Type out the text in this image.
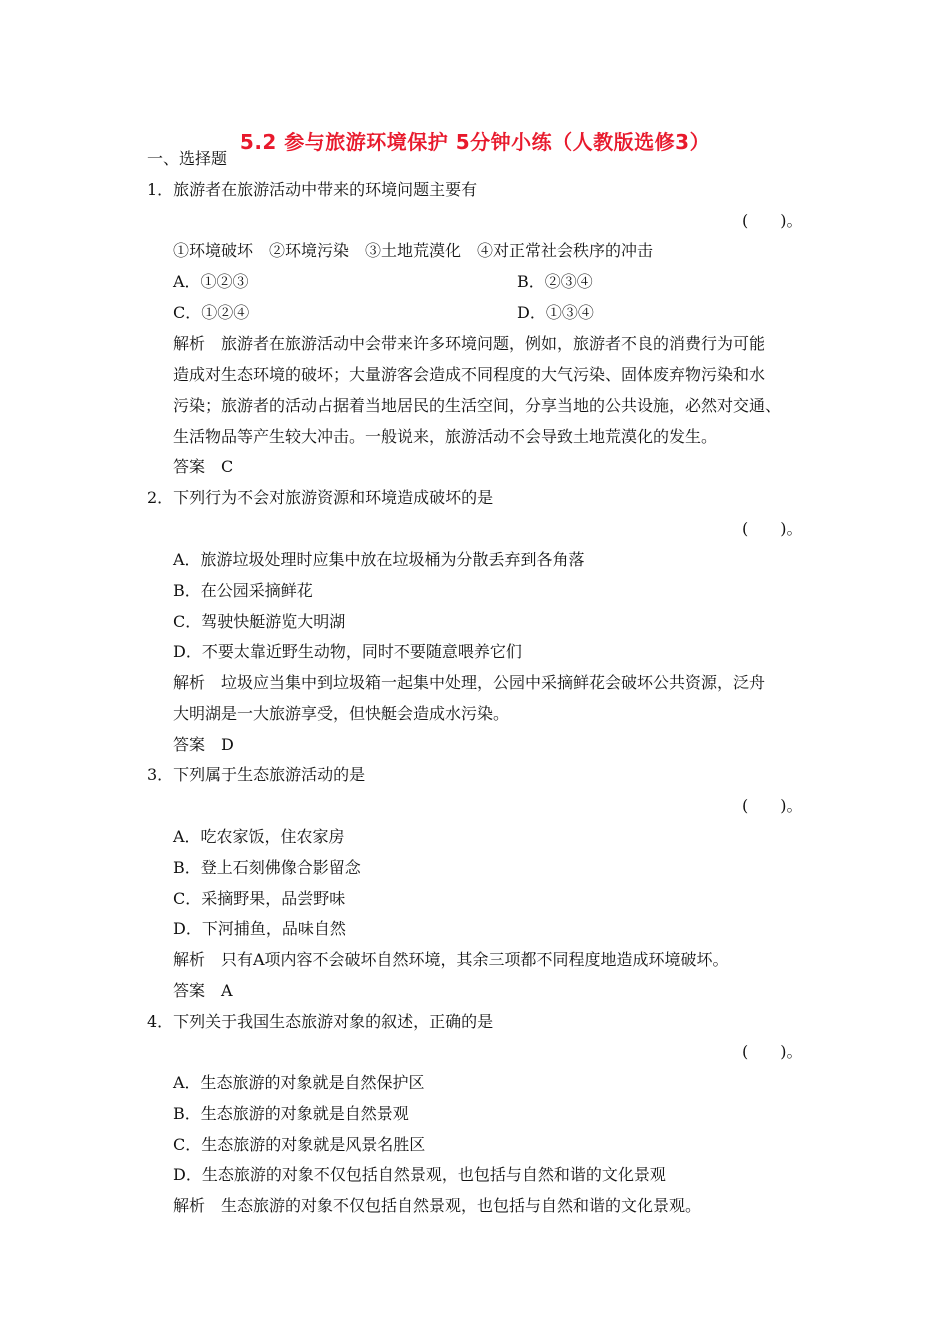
5.2 参与旅游环境保护 5分钟小练（人教版选修3）
一、选择题
1．旅游者在旅游活动中带来的环境问题主要有
(　　)。
①环境破坏　②环境污染　③土地荒漠化　④对正常社会秩序的冲击
A．①②③	B．②③④
C．①②④	D．①③④
解析　旅游者在旅游活动中会带来许多环境问题，例如，旅游者不良的消费行为可能
造成对生态环境的破坏；大量游客会造成不同程度的大气污染、固体废弃物污染和水
污染；旅游者的活动占据着当地居民的生活空间，分享当地的公共设施，必然对交通、
生活物品等产生较大冲击。一般说来，旅游活动不会导致土地荒漠化的发生。
答案　C
2．下列行为不会对旅游资源和环境造成破坏的是
(　　)。
A．旅游垃圾处理时应集中放在垃圾桶为分散丢弃到各角落
B．在公园采摘鲜花
C．驾驶快艇游览大明湖
D．不要太靠近野生动物，同时不要随意喂养它们
解析　垃圾应当集中到垃圾箱一起集中处理，公园中采摘鲜花会破坏公共资源，泛舟
大明湖是一大旅游享受，但快艇会造成水污染。
答案　D
3．下列属于生态旅游活动的是
(　　)。
A．吃农家饭，住农家房
B．登上石刻佛像合影留念
C．采摘野果，品尝野味
D．下河捕鱼，品味自然
解析　只有A项内容不会破坏自然环境，其余三项都不同程度地造成环境破坏。
答案　A
4．下列关于我国生态旅游对象的叙述，正确的是
(　　)。
A．生态旅游的对象就是自然保护区
B．生态旅游的对象就是自然景观
C．生态旅游的对象就是风景名胜区
D．生态旅游的对象不仅包括自然景观，也包括与自然和谐的文化景观
解析　生态旅游的对象不仅包括自然景观，也包括与自然和谐的文化景观。
